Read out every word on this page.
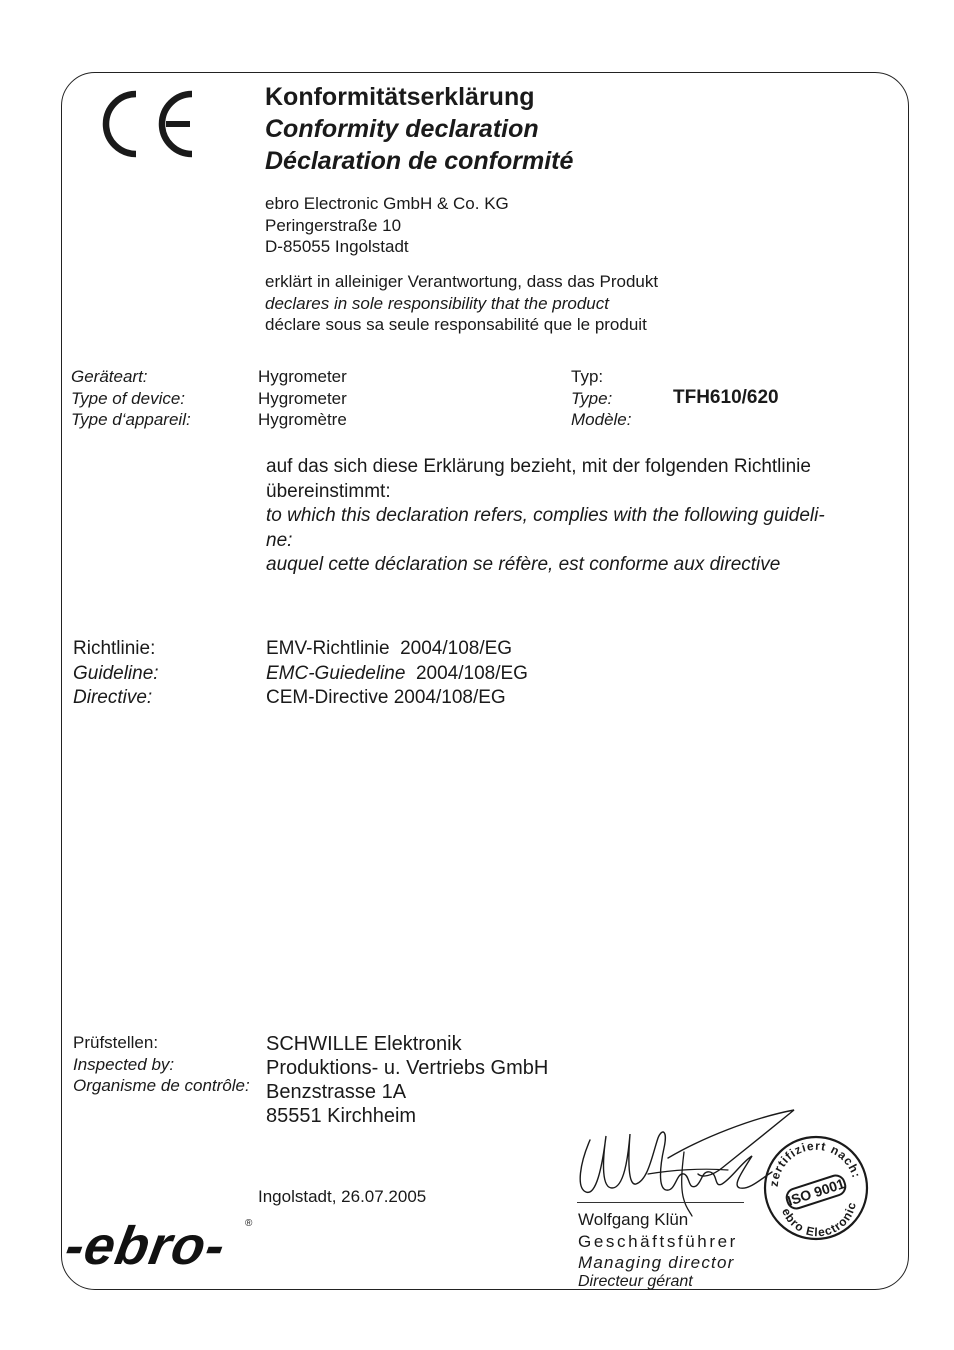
Konformitätserklärung
Conformity declaration
Déclaration de conformité
ebro Electronic GmbH & Co. KG
Peringerstraße 10
D-85055 Ingolstadt
erklärt in alleiniger Verantwortung, dass das Produkt
declares in sole responsibility that the product
déclare sous sa seule responsabilité que le produit
Geräteart:
Type of device:
Type d‘appareil:
Hygrometer
Hygrometer
Hygromètre
Typ:
Type:
Modèle:
TFH610/620
auf das sich diese Erklärung bezieht, mit der folgenden Richtlinie
übereinstimmt:
to which this declaration refers, complies with the following guideli-
ne:
auquel cette déclaration se réfère, est conforme aux directive
Richtlinie:
Guideline:
Directive:
EMV-Richtlinie 2004/108/EG
EMC-Guiedeline 2004/108/EG
CEM-Directive 2004/108/EG
Prüfstellen:
Inspected by:
Organisme de contrôle:
SCHWILLE Elektronik
Produktions- u. Vertriebs GmbH
Benzstrasse 1A
85551 Kirchheim
Ingolstadt, 26.07.2005
Wolfgang Klün
Geschäftsführer
Managing director
Directeur gérant
zertifiziert nach:
ISO 9001
ebro Electronic
-ebro- ®
